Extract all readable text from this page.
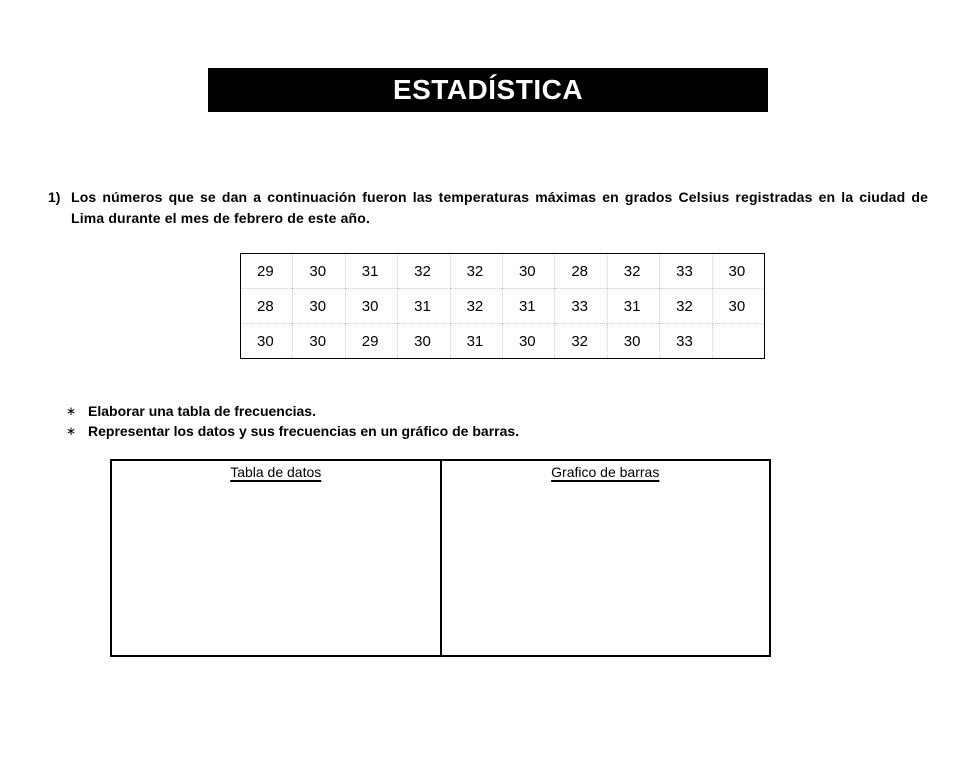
ESTADÍSTICA
1) Los números que se dan a continuación fueron las temperaturas máximas en grados Celsius registradas en la ciudad de Lima durante el mes de febrero de este año.
29	30	31	32	32	30	28	32	33	30
28	30	30	31	32	31	33	31	32	30
30	30	29	30	31	30	32	30	33	
∗ Elaborar una tabla de frecuencias.
∗ Representar los datos y sus frecuencias en un gráfico de barras.
Tabla de datos	Grafico de barras
